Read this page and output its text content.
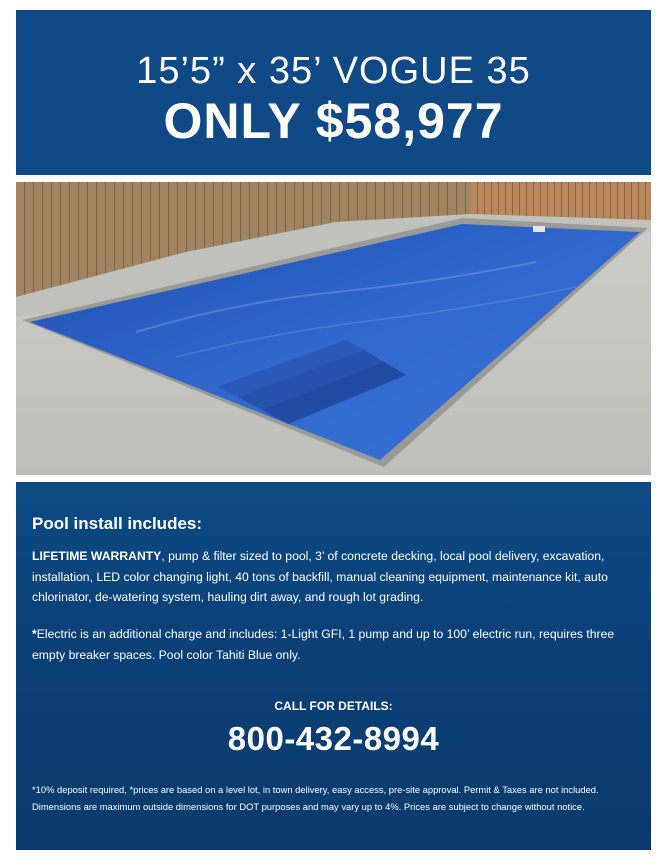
15’5” x 35’ VOGUE 35
ONLY $58,977
Pool install includes:
LIFETIME WARRANTY, pump & filter sized to pool, 3’ of concrete decking, local pool delivery, excavation, installation, LED color changing light, 40 tons of backfill, manual cleaning equipment, maintenance kit, auto chlorinator, de-watering system, hauling dirt away, and rough lot grading.
*Electric is an additional charge and includes: 1-Light GFI, 1 pump and up to 100’ electric run, requires three empty breaker spaces. Pool color Tahiti Blue only.
CALL FOR DETAILS:
800-432-8994
*10% deposit required, *prices are based on a level lot, in town delivery, easy access, pre-site approval. Permit & Taxes are not included. Dimensions are maximum outside dimensions for DOT purposes and may vary up to 4%. Prices are subject to change without notice.
